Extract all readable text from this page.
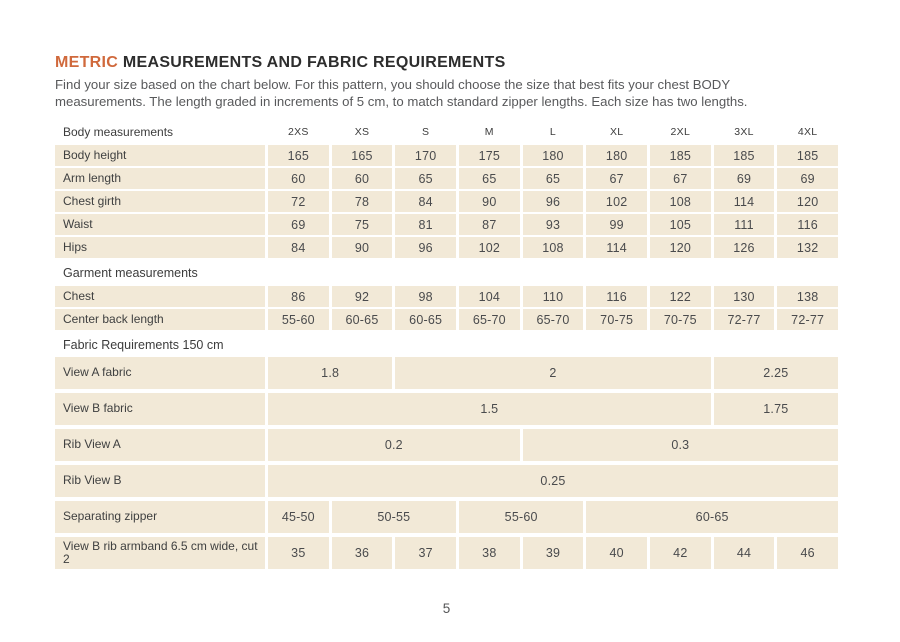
METRIC MEASUREMENTS AND FABRIC REQUIREMENTS
Find your size based on the chart below. For this pattern, you should choose the size that best fits your chest BODY
measurements. The length graded in increments of 5 cm, to match standard zipper lengths. Each size has two lengths.
Body measurements	2XS	XS	S	M	L	XL	2XL	3XL	4XL
Body height	165	165	170	175	180	180	185	185	185
Arm length	60	60	65	65	65	67	67	69	69
Chest girth	72	78	84	90	96	102	108	114	120
Waist	69	75	81	87	93	99	105	111	116
Hips	84	90	96	102	108	114	120	126	132
Garment measurements
Chest	86	92	98	104	110	116	122	130	138
Center back length	55-60	60-65	60-65	65-70	65-70	70-75	70-75	72-77	72-77
Fabric Requirements 150 cm
View A fabric	1.8	2	2.25
View B fabric	1.5	1.75
Rib View A	0.2	0.3
Rib View B	0.25
Separating zipper	45-50	50-55	55-60	60-65
View B rib armband 6.5 cm wide, cut 2	35	36	37	38	39	40	42	44	46
5
